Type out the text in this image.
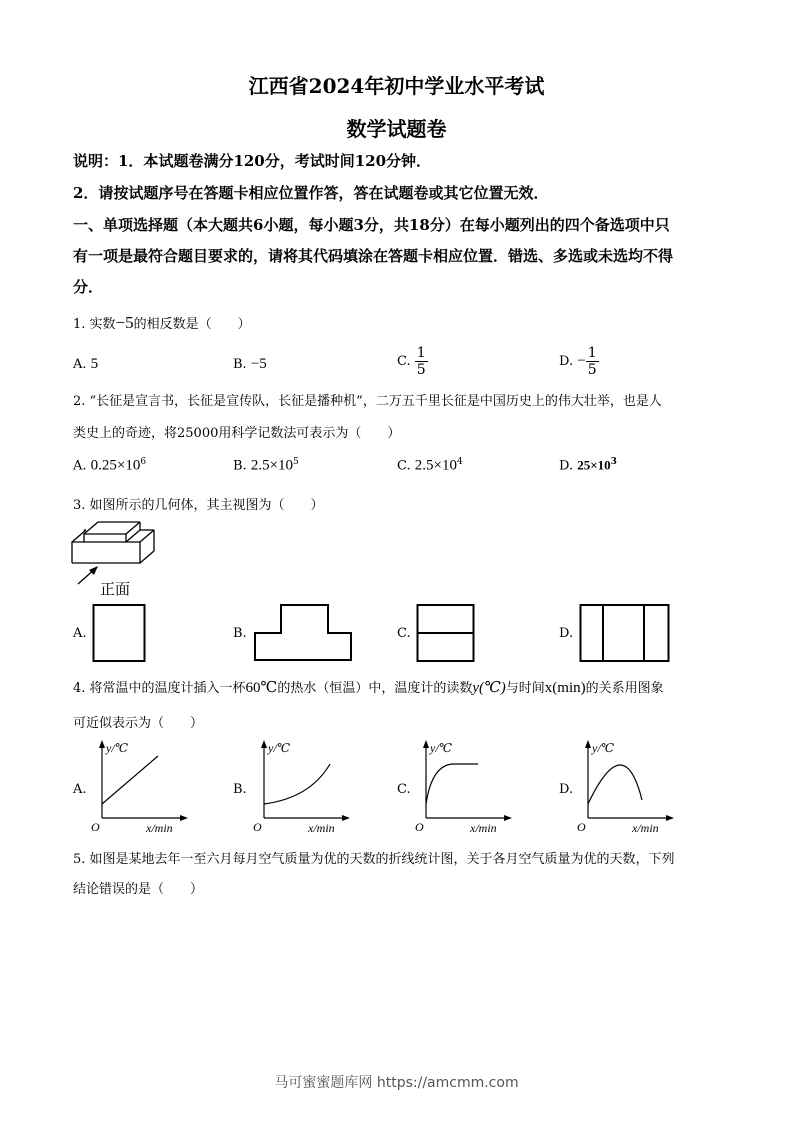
江西省2024年初中学业水平考试
数学试题卷
说明：1．本试题卷满分120分，考试时间120分钟．
2．请按试题序号在答题卡相应位置作答，答在试题卷或其它位置无效．
一、单项选择题（本大题共6小题，每小题3分，共18分）在每小题列出的四个备选项中只
有一项是最符合题目要求的，请将其代码填涂在答题卡相应位置．错选、多选或未选均不得
分．
1. 实数−5的相反数是（　　）
A. 5	B. −5	C. $\frac{1}{5}$	D. − $\frac{1}{5}$
2. “长征是宣言书，长征是宣传队，长征是播种机”，二万五千里长征是中国历史上的伟大壮举，也是人
类史上的奇迹，将25000用科学记数法可表示为（　　）
A. $0.25\times 10^6$	B. $2.5\times 10^5$	C. $2.5\times 10^4$	D. $25\times 10^3$
3. 如图所示的几何体，其主视图为（　　）
正面
A.	B.	C.	D.
4. 将常温中的温度计插入一杯60℃的热水（恒温）中，温度计的读数y(℃)与时间x(min)的关系用图象
可近似表示为（　　）
A.
y/℃
x/min
O
B.
y/℃
x/min
O
C.
y/℃
x/min
O
D.
y/℃
x/min
O
5. 如图是某地去年一至六月每月空气质量为优的天数的折线统计图，关于各月空气质量为优的天数，下列
结论错误的是（　　）
马可蜜蜜题库网 https://amcmm.com
